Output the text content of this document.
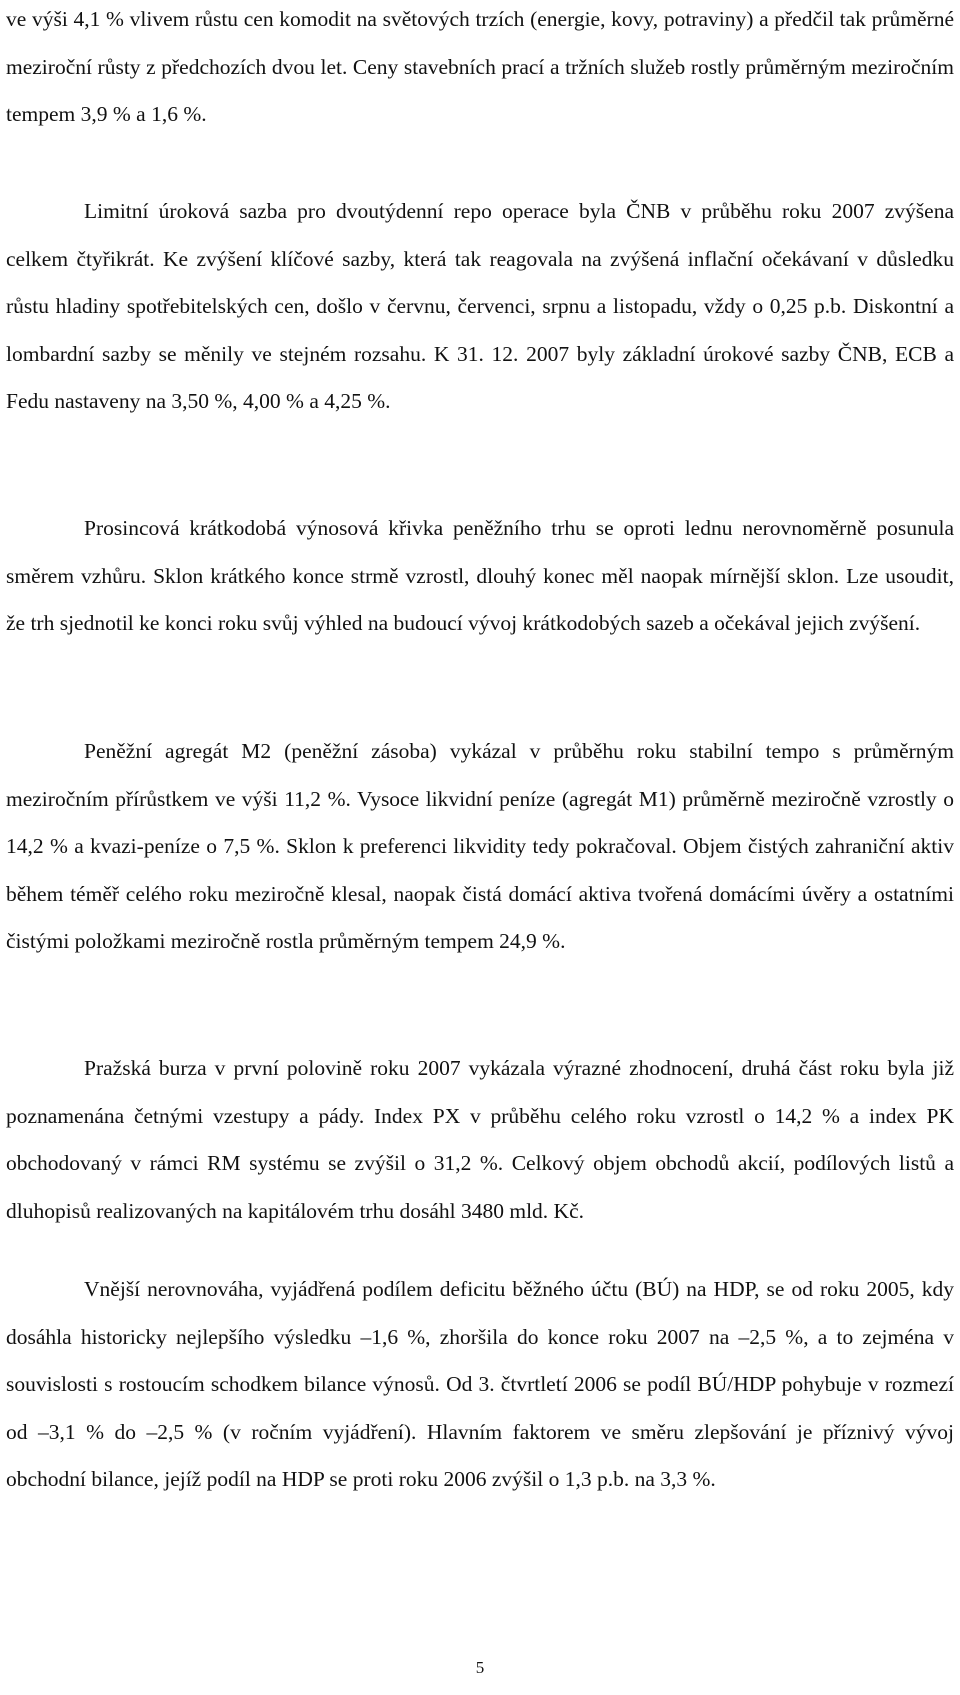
ve výši 4,1 % vlivem růstu cen komodit na světových trzích (energie, kovy, potraviny) a předčil tak průměrné meziroční růsty z předchozích dvou let. Ceny stavebních prací a tržních služeb rostly průměrným meziročním tempem 3,9 % a 1,6 %.

Limitní úroková sazba pro dvoutýdenní repo operace byla ČNB v průběhu roku 2007 zvýšena celkem čtyřikrát. Ke zvýšení klíčové sazby, která tak reagovala na zvýšená inflační očekávaní v důsledku růstu hladiny spotřebitelských cen, došlo v červnu, červenci, srpnu a listopadu, vždy o 0,25 p.b. Diskontní a lombardní sazby se měnily ve stejném rozsahu. K 31. 12. 2007 byly základní úrokové sazby ČNB, ECB a Fedu nastaveny na 3,50 %, 4,00 % a 4,25 %.

Prosincová krátkodobá výnosová křivka peněžního trhu se oproti lednu nerovnoměrně posunula směrem vzhůru. Sklon krátkého konce strmě vzrostl, dlouhý konec měl naopak mírnější sklon. Lze usoudit, že trh sjednotil ke konci roku svůj výhled na budoucí vývoj krátkodobých sazeb a očekával jejich zvýšení.

Peněžní agregát M2 (peněžní zásoba) vykázal v průběhu roku stabilní tempo s průměrným meziročním přírůstkem ve výši 11,2 %. Vysoce likvidní peníze (agregát M1) průměrně meziročně vzrostly o 14,2 % a kvazi-peníze o 7,5 %. Sklon k preferenci likvidity tedy pokračoval. Objem čistých zahraniční aktiv během téměř celého roku meziročně klesal, naopak čistá domácí aktiva tvořená domácími úvěry a ostatními čistými položkami meziročně rostla průměrným tempem 24,9 %.

Pražská burza v první polovině roku 2007 vykázala výrazné zhodnocení, druhá část roku byla již poznamenána četnými vzestupy a pády. Index PX v průběhu celého roku vzrostl o 14,2 % a index PK obchodovaný v rámci RM systému se zvýšil o 31,2 %. Celkový objem obchodů akcií, podílových listů a dluhopisů realizovaných na kapitálovém trhu dosáhl 3480 mld. Kč.

Vnější nerovnováha, vyjádřená podílem deficitu běžného účtu (BÚ) na HDP, se od roku 2005, kdy dosáhla historicky nejlepšího výsledku –1,6 %, zhoršila do konce roku 2007 na –2,5 %, a to zejména v souvislosti s rostoucím schodkem bilance výnosů. Od 3. čtvrtletí 2006 se podíl BÚ/HDP pohybuje v rozmezí od –3,1 % do –2,5 % (v ročním vyjádření). Hlavním faktorem ve směru zlepšování je příznivý vývoj obchodní bilance, jejíž podíl na HDP se proti roku 2006 zvýšil o 1,3 p.b. na 3,3 %.

5
